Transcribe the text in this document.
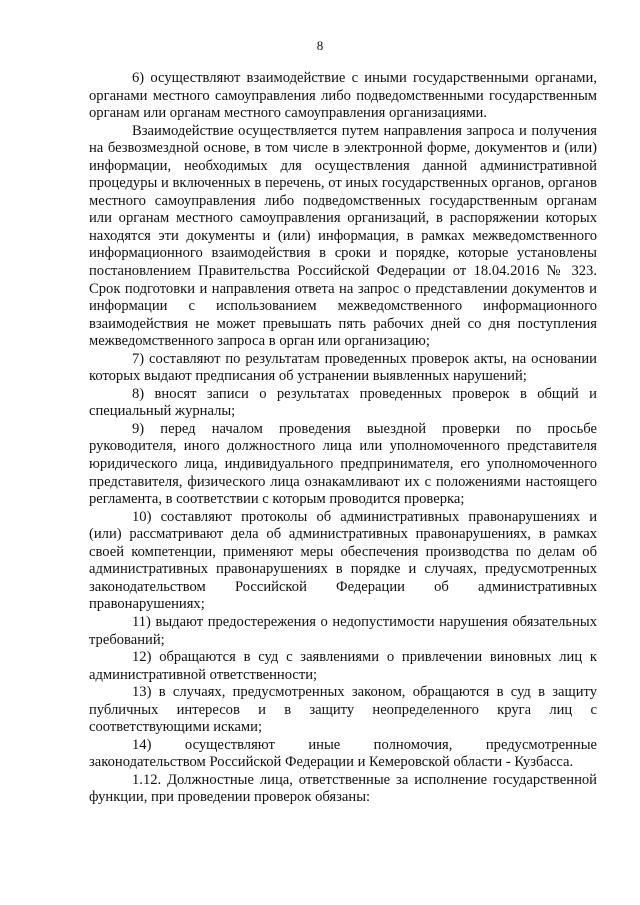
8

6) осуществляют взаимодействие с иными государственными органами, органами местного самоуправления либо подведомственными государственным органам или органам местного самоуправления организациями.

Взаимодействие осуществляется путем направления запроса и получения на безвозмездной основе, в том числе в электронной форме, документов и (или) информации, необходимых для осуществления данной административной процедуры и включенных в перечень, от иных государственных органов, органов местного самоуправления либо подведомственных государственным органам или органам местного самоуправления организаций, в распоряжении которых находятся эти документы и (или) информация, в рамках межведомственного информационного взаимодействия в сроки и порядке, которые установлены постановлением Правительства Российской Федерации от 18.04.2016 № 323. Срок подготовки и направления ответа на запрос о представлении документов и информации с использованием межведомственного информационного взаимодействия не может превышать пять рабочих дней со дня поступления межведомственного запроса в орган или организацию;

7) составляют по результатам проведенных проверок акты, на основании которых выдают предписания об устранении выявленных нарушений;

8) вносят записи о результатах проведенных проверок в общий и специальный журналы;

9) перед началом проведения выездной проверки по просьбе руководителя, иного должностного лица или уполномоченного представителя юридического лица, индивидуального предпринимателя, его уполномоченного представителя, физического лица ознакамливают их с положениями настоящего регламента, в соответствии с которым проводится проверка;

10) составляют протоколы об административных правонарушениях и (или) рассматривают дела об административных правонарушениях, в рамках своей компетенции, применяют меры обеспечения производства по делам об административных правонарушениях в порядке и случаях, предусмотренных законодательством Российской Федерации об административных правонарушениях;

11) выдают предостережения о недопустимости нарушения обязательных требований;

12) обращаются в суд с заявлениями о привлечении виновных лиц к административной ответственности;

13) в случаях, предусмотренных законом, обращаются в суд в защиту публичных интересов и в защиту неопределенного круга лиц с соответствующими исками;

14) осуществляют иные полномочия, предусмотренные законодательством Российской Федерации и Кемеровской области - Кузбасса.

1.12. Должностные лица, ответственные за исполнение государственной функции, при проведении проверок обязаны:
